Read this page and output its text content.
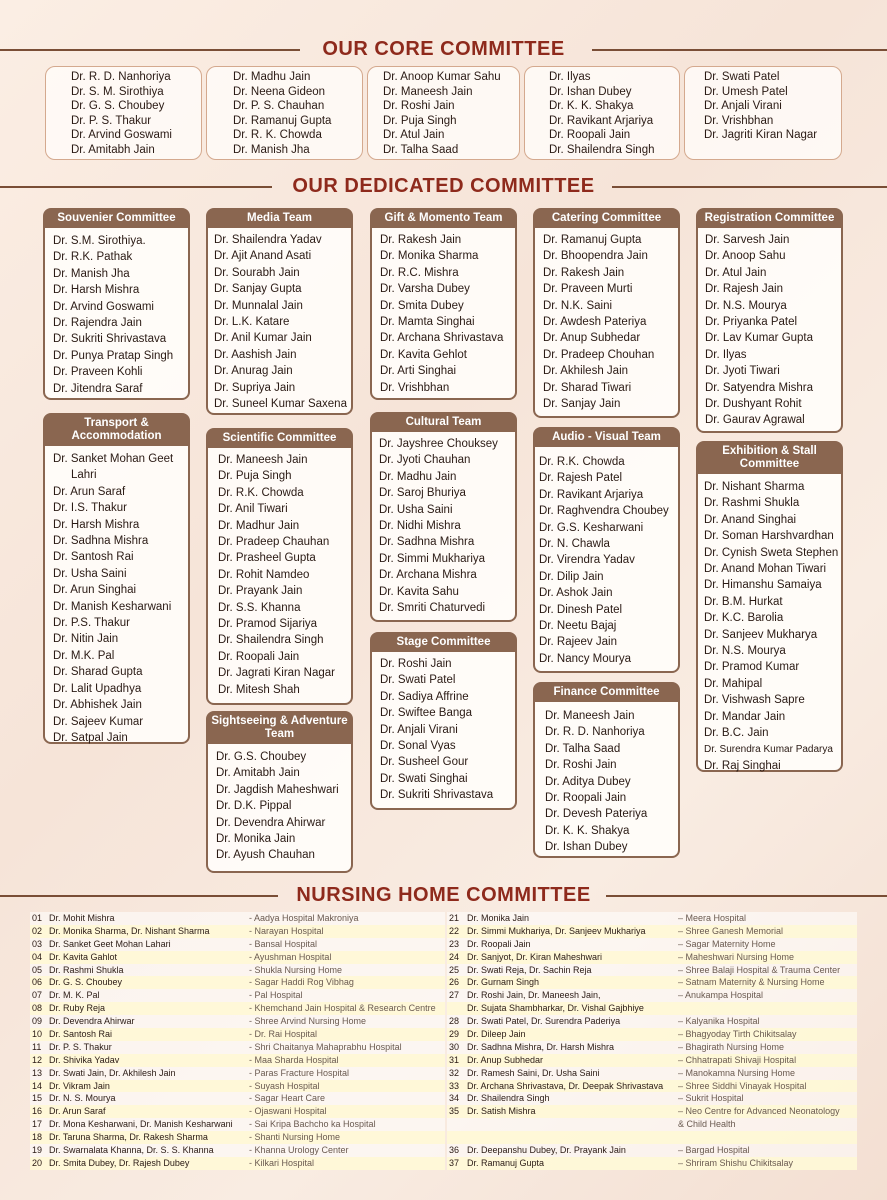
OUR CORE COMMITTEE
Dr. R. D. Nanhoriya
Dr. S. M. Sirothiya
Dr. G. S. Choubey
Dr. P. S. Thakur
Dr. Arvind Goswami
Dr. Amitabh Jain
Dr. Madhu Jain
Dr. Neena Gideon
Dr. P. S. Chauhan
Dr. Ramanuj Gupta
Dr. R. K. Chowda
Dr. Manish Jha
Dr. Anoop Kumar Sahu
Dr. Maneesh Jain
Dr. Roshi Jain
Dr. Puja Singh
Dr. Atul Jain
Dr. Talha Saad
Dr. Ilyas
Dr. Ishan Dubey
Dr. K. K. Shakya
Dr. Ravikant Arjariya
Dr. Roopali Jain
Dr. Shailendra Singh
Dr. Swati Patel
Dr. Umesh Patel
Dr. Anjali Virani
Dr. Vrishbhan
Dr. Jagriti Kiran Nagar
OUR DEDICATED COMMITTEE
Souvenier Committee
Dr. S.M. Sirothiya.
Dr. R.K. Pathak
Dr. Manish Jha
Dr. Harsh Mishra
Dr. Arvind Goswami
Dr. Rajendra Jain
Dr. Sukriti Shrivastava
Dr. Punya Pratap Singh
Dr. Praveen Kohli
Dr. Jitendra Saraf
Transport & Accommodation
Dr. Sanket Mohan Geet
Lahri
Dr. Arun Saraf
Dr. I.S. Thakur
Dr. Harsh Mishra
Dr. Sadhna Mishra
Dr. Santosh Rai
Dr. Usha Saini
Dr. Arun Singhai
Dr. Manish Kesharwani
Dr. P.S. Thakur
Dr. Nitin Jain
Dr. M.K. Pal
Dr. Sharad Gupta
Dr. Lalit Upadhya
Dr. Abhishek Jain
Dr. Sajeev Kumar
Dr. Satpal Jain
Media Team
Dr. Shailendra Yadav
Dr. Ajit Anand Asati
Dr. Sourabh Jain
Dr. Sanjay Gupta
Dr. Munnalal Jain
Dr. L.K. Katare
Dr. Anil Kumar Jain
Dr. Aashish Jain
Dr. Anurag Jain
Dr. Supriya Jain
Dr. Suneel Kumar Saxena
Scientific Committee
Dr. Maneesh Jain
Dr. Puja Singh
Dr. R.K. Chowda
Dr. Anil Tiwari
Dr. Madhur Jain
Dr. Pradeep Chauhan
Dr. Prasheel Gupta
Dr. Rohit Namdeo
Dr. Prayank Jain
Dr. S.S. Khanna
Dr. Pramod Sijariya
Dr. Shailendra Singh
Dr. Roopali Jain
Dr. Jagrati Kiran Nagar
Dr. Mitesh Shah
Sightseeing & Adventure Team
Dr. G.S. Choubey
Dr. Amitabh Jain
Dr. Jagdish Maheshwari
Dr. D.K. Pippal
Dr. Devendra Ahirwar
Dr. Monika Jain
Dr. Ayush Chauhan
Gift & Momento Team
Dr. Rakesh Jain
Dr. Monika Sharma
Dr. R.C. Mishra
Dr. Varsha Dubey
Dr. Smita Dubey
Dr. Mamta Singhai
Dr. Archana Shrivastava
Dr. Kavita Gehlot
Dr. Arti Singhai
Dr. Vrishbhan
Cultural Team
Dr. Jayshree Chouksey
Dr. Jyoti Chauhan
Dr. Madhu Jain
Dr. Saroj Bhuriya
Dr. Usha Saini
Dr. Nidhi Mishra
Dr. Sadhna Mishra
Dr. Simmi Mukhariya
Dr. Archana Mishra
Dr. Kavita Sahu
Dr. Smriti Chaturvedi
Stage Committee
Dr. Roshi Jain
Dr. Swati Patel
Dr. Sadiya Affrine
Dr. Swiftee Banga
Dr. Anjali Virani
Dr. Sonal Vyas
Dr. Susheel Gour
Dr. Swati Singhai
Dr. Sukriti Shrivastava
Catering Committee
Dr. Ramanuj Gupta
Dr. Bhoopendra Jain
Dr. Rakesh Jain
Dr. Praveen Murti
Dr. N.K. Saini
Dr. Awdesh Pateriya
Dr. Anup Subhedar
Dr. Pradeep Chouhan
Dr. Akhilesh Jain
Dr. Sharad Tiwari
Dr. Sanjay Jain
Audio - Visual Team
Dr. R.K. Chowda
Dr. Rajesh Patel
Dr. Ravikant Arjariya
Dr. Raghvendra Choubey
Dr. G.S. Kesharwani
Dr. N. Chawla
Dr. Virendra Yadav
Dr. Dilip Jain
Dr. Ashok Jain
Dr. Dinesh Patel
Dr. Neetu Bajaj
Dr. Rajeev Jain
Dr. Nancy Mourya
Finance Committee
Dr. Maneesh Jain
Dr. R. D. Nanhoriya
Dr. Talha Saad
Dr. Roshi Jain
Dr. Aditya Dubey
Dr. Roopali Jain
Dr. Devesh Pateriya
Dr. K. K. Shakya
Dr. Ishan Dubey
Registration Committee
Dr. Sarvesh Jain
Dr. Anoop Sahu
Dr. Atul Jain
Dr. Rajesh Jain
Dr. N.S. Mourya
Dr. Priyanka Patel
Dr. Lav Kumar Gupta
Dr. Ilyas
Dr. Jyoti Tiwari
Dr. Satyendra Mishra
Dr. Dushyant Rohit
Dr. Gaurav Agrawal
Exhibition & Stall Committee
Dr. Nishant Sharma
Dr. Rashmi Shukla
Dr. Anand Singhai
Dr. Soman Harshvardhan
Dr. Cynish Sweta Stephen
Dr. Anand Mohan Tiwari
Dr. Himanshu Samaiya
Dr. B.M. Hurkat
Dr. K.C. Barolia
Dr. Sanjeev Mukharya
Dr. N.S. Mourya
Dr. Pramod Kumar
Dr. Mahipal
Dr. Vishwash Sapre
Dr. Mandar Jain
Dr. B.C. Jain
Dr. Surendra Kumar Padarya
Dr. Raj Singhai
NURSING HOME COMMITTEE
01 Dr. Mohit Mishra	- Aadya Hospital Makroniya
02 Dr. Monika Sharma, Dr. Nishant Sharma	- Narayan Hospital
03 Dr. Sanket Geet Mohan Lahari	- Bansal Hospital
04 Dr. Kavita Gahlot	- Ayushman Hospital
05 Dr. Rashmi Shukla	- Shukla Nursing Home
06 Dr. G. S. Choubey	- Sagar Haddi Rog Vibhag
07 Dr. M. K. Pal	- Pal Hospital
08 Dr. Ruby Reja	- Khemchand Jain Hospital & Research Centre
09 Dr. Devendra Ahirwar	- Shree Arvind Nursing Home
10 Dr. Santosh Rai	- Dr. Rai Hospital
11 Dr. P. S. Thakur	- Shri Chaitanya Mahaprabhu Hospital
12 Dr. Shivika Yadav	- Maa Sharda Hospital
13 Dr. Swati Jain, Dr. Akhilesh Jain	- Paras Fracture Hospital
14 Dr. Vikram Jain	- Suyash Hospital
15 Dr. N. S. Mourya	- Sagar Heart Care
16 Dr. Arun Saraf	- Ojaswani Hospital
17 Dr. Mona Kesharwani, Dr. Manish Kesharwani - Sai Kripa Bachcho ka Hospital
18 Dr. Taruna Sharma, Dr. Rakesh Sharma	- Shanti Nursing Home
19 Dr. Swarnalata Khanna, Dr. S. S. Khanna	- Khanna Urology Center
20 Dr. Smita Dubey, Dr. Rajesh Dubey	- Kilkari Hospital
21 Dr. Monika Jain	– Meera Hospital
22 Dr. Simmi Mukhariya, Dr. Sanjeev Mukhariya	– Shree Ganesh Memorial
23 Dr. Roopali Jain	– Sagar Maternity Home
24 Dr. Sanjyot, Dr. Kiran Maheshwari	– Maheshwari Nursing Home
25 Dr. Swati Reja, Dr. Sachin Reja	– Shree Balaji Hospital & Trauma Center
26 Dr. Gurnam Singh	– Satnam Maternity & Nursing Home
27 Dr. Roshi Jain, Dr. Maneesh Jain,	– Anukampa Hospital
Dr. Sujata Shambharkar, Dr. Vishal Gajbhiye
28 Dr. Swati Patel, Dr. Surendra Paderiya	– Kalyanika Hospital
29 Dr. Dileep Jain	– Bhagyoday Tirth Chikitsalay
30 Dr. Sadhna Mishra, Dr. Harsh Mishra	– Bhagirath Nursing Home
31 Dr. Anup Subhedar	– Chhatrapati Shivaji Hospital
32 Dr. Ramesh Saini, Dr. Usha Saini	– Manokamna Nursing Home
33 Dr. Archana Shrivastava, Dr. Deepak Shrivastava – Shree Siddhi Vinayak Hospital
34 Dr. Shailendra Singh	– Sukrit Hospital
35 Dr. Satish Mishra	– Neo Centre for Advanced Neonatology
& Child Health
36 Dr. Deepanshu Dubey, Dr. Prayank Jain	– Bargad Hospital
37 Dr. Ramanuj Gupta	– Shriram Shishu Chikitsalay
